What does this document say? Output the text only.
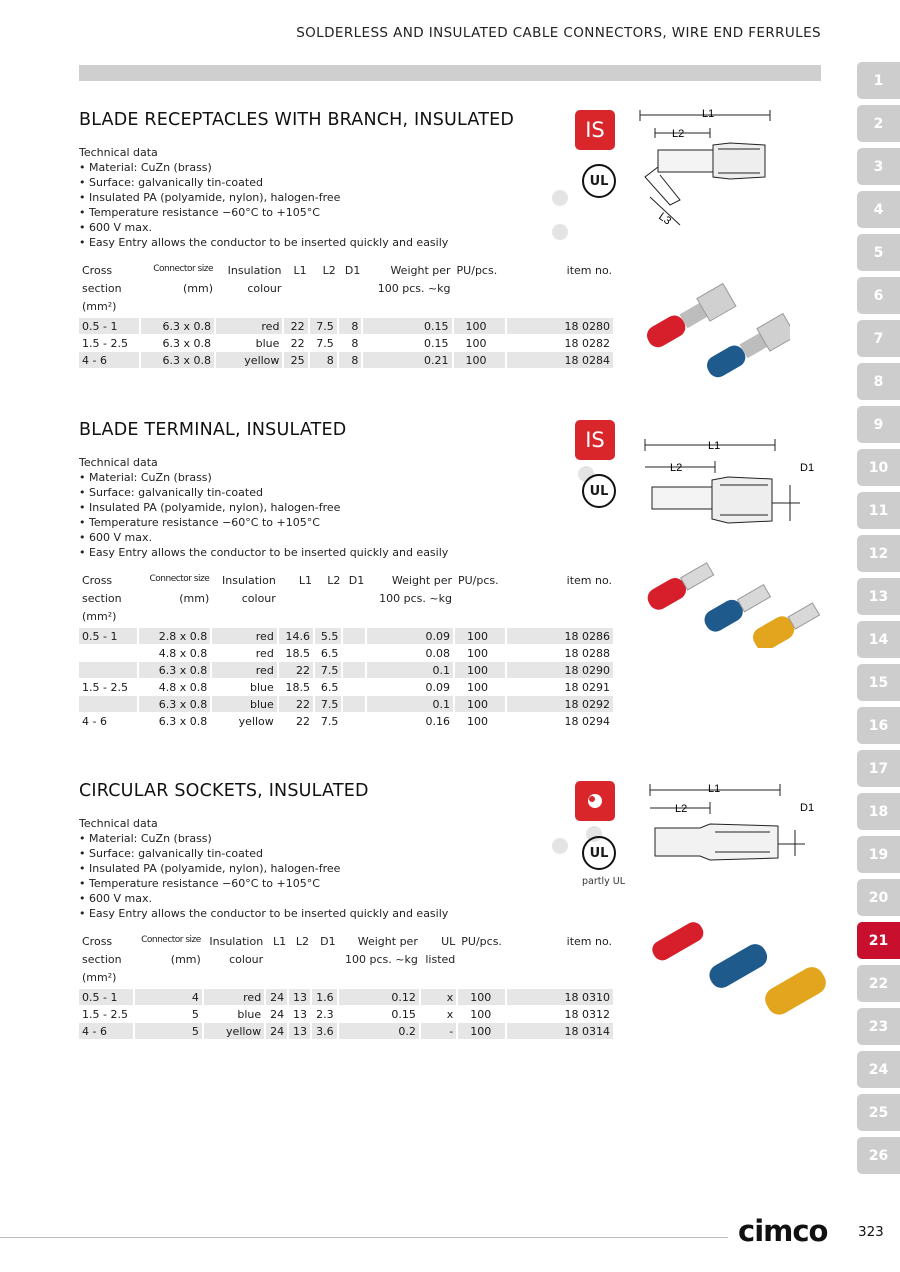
SOLDERLESS AND INSULATED CABLE CONNECTORS, WIRE END FERRULES
1
2
3
4
5
6
7
8
9
10
11
12
13
14
15
16
17
18
19
20
21
22
23
24
25
26
BLADE RECEPTACLES WITH BRANCH, INSULATED
Technical data
• Material: CuZn (brass)
• Surface: galvanically tin-coated
• Insulated PA (polyamide, nylon), halogen-free
• Temperature resistance −60°C to +105°C
• 600 V max.
• Easy Entry allows the conductor to be inserted quickly and easily
Cross	Connector size	Insulation	L1	L2	D1	Weight per	PU/pcs.	item no.
section	(mm)	colour				100 pcs. ~kg		
(mm²)								
0.5 - 1	6.3 x 0.8	red	22	7.5	8	0.15	100	18 0280
1.5 - 2.5	6.3 x 0.8	blue	22	7.5	8	0.15	100	18 0282
4 - 6	6.3 x 0.8	yellow	25	8	8	0.21	100	18 0284
IS
UL
L1
L2
L3
BLADE TERMINAL, INSULATED
Technical data
• Material: CuZn (brass)
• Surface: galvanically tin-coated
• Insulated PA (polyamide, nylon), halogen-free
• Temperature resistance −60°C to +105°C
• 600 V max.
• Easy Entry allows the conductor to be inserted quickly and easily
Cross	Connector size	Insulation	L1	L2	D1	Weight per	PU/pcs.	item no.
section	(mm)	colour				100 pcs. ~kg		
(mm²)								
0.5 - 1	2.8 x 0.8	red	14.6	5.5		0.09	100	18 0286
	4.8 x 0.8	red	18.5	6.5		0.08	100	18 0288
	6.3 x 0.8	red	22	7.5		0.1	100	18 0290
1.5 - 2.5	4.8 x 0.8	blue	18.5	6.5		0.09	100	18 0291
	6.3 x 0.8	blue	22	7.5		0.1	100	18 0292
4 - 6	6.3 x 0.8	yellow	22	7.5		0.16	100	18 0294
IS
UL
L1
L2	D1
CIRCULAR SOCKETS, INSULATED
Technical data
• Material: CuZn (brass)
• Surface: galvanically tin-coated
• Insulated PA (polyamide, nylon), halogen-free
• Temperature resistance −60°C to +105°C
• 600 V max.
• Easy Entry allows the conductor to be inserted quickly and easily
Cross	Connector size	Insulation	L1	L2	D1	Weight per	UL	PU/pcs.	item no.
section	(mm)	colour				100 pcs. ~kg	listed		
(mm²)									
0.5 - 1	4	red	24	13	1.6	0.12	x	100	18 0310
1.5 - 2.5	5	blue	24	13	2.3	0.15	x	100	18 0312
4 - 6	5	yellow	24	13	3.6	0.2	-	100	18 0314
UL
partly UL
L1
L2	D1
cimco 323
